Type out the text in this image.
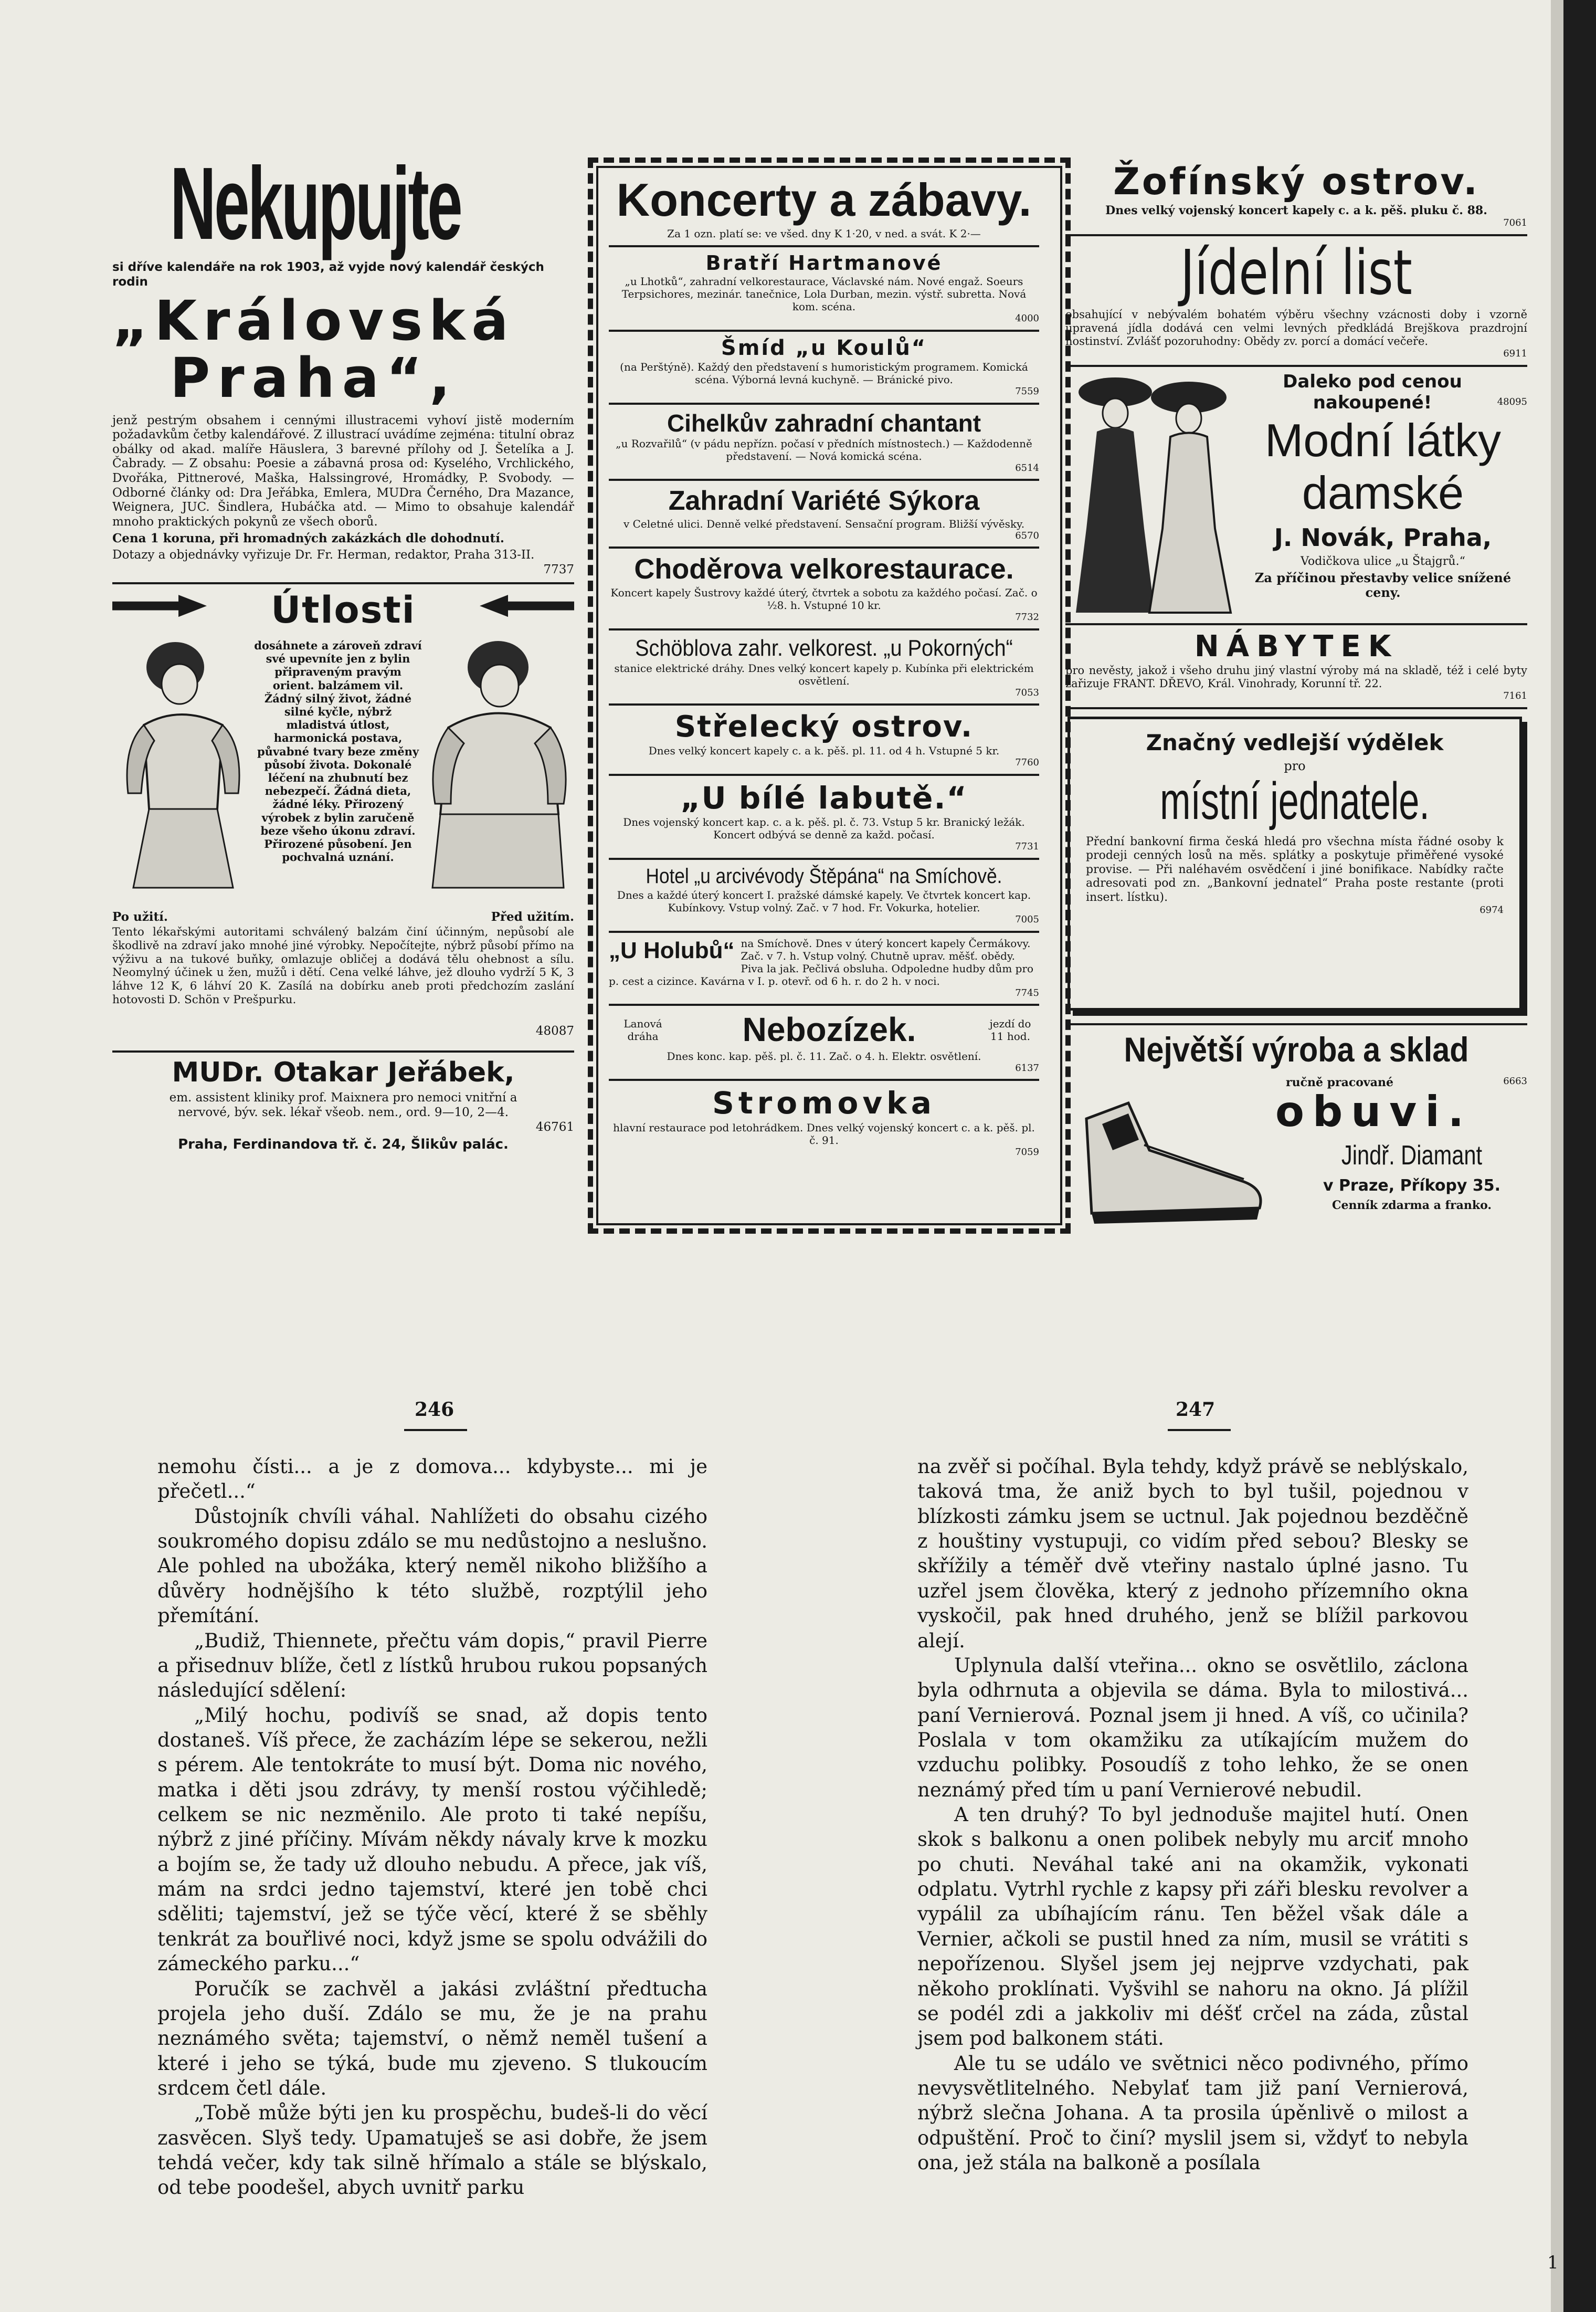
Nekupujte
si dříve kalendáře na rok 1903, až vyjde nový kalendář českých rodin
„Královská
Praha“,

jenž pestrým obsahem i cennými illustracemi vyhoví jistě moderním požadavkům četby kalendářové. Z illustrací uvádíme zejména: titulní obraz obálky od akad. malíře Häuslera, 3 barevné přílohy od J. Šetelíka a J. Čabrady. — Z obsahu: Poesie a zábavná prosa od: Kyselého, Vrchlického, Dvořáka, Pittnerové, Maška, Halssingrové, Hromádky, P. Svobody. — Odborné články od: Dra Jeřábka, Emlera, MUDra Černého, Dra Mazance, Weignera, JUC. Šindlera, Hubáčka atd. — Mimo to obsahuje kalendář mnoho praktických pokynů ze všech oborů.

Cena 1 koruna, při hromadných zakázkách dle dohodnutí.

Dotazy a objednávky vyřizuje Dr. Fr. Herman, redaktor, Praha 313-II.

7737
Útlosti

dosáhnete a zároveň zdraví své upevníte jen z bylin připraveným pravým orient. balzámem vil. Žádný silný život, žádné silné kyčle, nýbrž mladistvá útlost, harmonická postava, půvabné tvary beze změny působí života. Dokonalé léčení na zhubnutí bez nebezpečí. Žádná dieta, žádné léky. Přirozený výrobek z bylin zaručeně beze všeho úkonu zdraví. Přirozené působení. Jen pochvalná uznání.

Po užití.	Před užitím.

Tento lékařskými autoritami schválený balzám činí účinným, nepůsobí ale škodlivě na zdraví jako mnohé jiné výrobky. Nepočítejte, nýbrž působí přímo na výživu a na tukové buňky, omlazuje obličej a dodává tělu ohebnost a sílu. Neomylný účinek u žen, mužů i dětí. Cena velké láhve, jež dlouho vydrží 5 K, 3 láhve 12 K, 6 láhví 20 K. Zasílá na dobírku aneb proti předchozím zaslání hotovosti D. Schön v Prešpurku.

48087
MUDr. Otakar Jeřábek,

em. assistent kliniky prof. Maixnera pro nemoci vnitřní a nervové, býv. sek. lékař všeob. nem., ord. 9—10, 2—4.

46761
Praha, Ferdinandova tř. č. 24, Šlikův palác.
Koncerty a zábavy.
Za 1 ozn. platí se: ve všed. dny K 1·20, v ned. a svát. K 2·—
Bratří Hartmanové

„u Lhotků“, zahradní velkorestaurace, Václavské nám. Nové engaž. Soeurs Terpsichores, mezinár. tanečnice, Lola Durban, mezin. výstř. subretta. Nová kom. scéna.

4000
Šmíd „u Koulů“

(na Perštýně). Každý den představení s humoristickým programem. Komická scéna. Výborná levná kuchyně. — Bránické pivo.

7559
Cihelkův zahradní chantant

„u Rozvařilů“ (v pádu nepřízn. počasí v předních místnostech.) — Každodenně představení. — Nová komická scéna.

6514
Zahradní Variété Sýkora

v Celetné ulici. Denně velké představení. Sensační program. Bližší vývěsky.

6570
Choděrova velkorestaurace.

Koncert kapely Šustrovy každé úterý, čtvrtek a sobotu za každého počasí. Zač. o ½8. h. Vstupné 10 kr.

7732
Schöblova zahr. velkorest. „u Pokorných“

stanice elektrické dráhy. Dnes velký koncert kapely p. Kubínka při elektrickém osvětlení.

7053
Střelecký ostrov.

Dnes velký koncert kapely c. a k. pěš. pl. 11. od 4 h. Vstupné 5 kr.

7760
„U bílé labutě.“

Dnes vojenský koncert kap. c. a k. pěš. pl. č. 73. Vstup 5 kr. Branický ležák. Koncert odbývá se denně za každ. počasí.

7731
Hotel „u arcivévody Štěpána“ na Smíchově.

Dnes a každé úterý koncert I. pražské dámské kapely. Ve čtvrtek koncert kap. Kubínkovy. Vstup volný. Zač. v 7 hod. Fr. Vokurka, hotelier.

7005
„U Holubů“ na Smíchově. Dnes v úterý koncert kapely Čermákovy. Zač. v 7. h. Vstup volný. Chutně uprav. měšť. obědy. Piva la jak. Pečlivá obsluha. Odpoledne hudby dům pro p. cest a cizince. Kavárna v I. p. otevř. od 6 h. r. do 2 h. v noci.

7745
Lanová dráha	Nebozízek.	jezdí do 11 hod.

Dnes konc. kap. pěš. pl. č. 11. Zač. o 4. h. Elektr. osvětlení.

6137
Stromovka

hlavní restaurace pod letohrádkem. Dnes velký vojenský koncert c. a k. pěš. pl. č. 91.

7059
Žofínský ostrov.

Dnes velký vojenský koncert kapely c. a k. pěš. pluku č. 88.

7061
Jídelní list

obsahující v nebývalém bohatém výběru všechny vzácnosti doby i vzorně upravená jídla dodává cen velmi levných předkládá Brejškova prazdrojní hostinství. Zvlášť pozoruhodny: Obědy zv. porcí a domácí večeře.

6911
Daleko pod cenou nakoupené!	48095
Modní látky
damské
J. Novák, Praha,
Vodičkova ulice „u Štajgrů.“
Za příčinou přestavby velice snížené ceny.
NÁBYTEK

pro nevěsty, jakož i všeho druhu jiný vlastní výroby má na skladě, též i celé byty zařizuje FRANT. DŘEVO, Král. Vinohrady, Korunní tř. 22.

7161
Značný vedlejší výdělek
pro
místní jednatele.

Přední bankovní firma česká hledá pro všechna místa řádné osoby k prodeji cenných losů na měs. splátky a poskytuje přiměřené vysoké provise. — Při naléhavém osvědčení i jiné bonifikace. Nabídky račte adresovati pod zn. „Bankovní jednatel“ Praha poste restante (proti insert. lístku).

6974
Největší výroba a sklad
ručně pracované	6663
obuvi.
Jindř. Diamant
v Praze, Příkopy 35.
Cenník zdarma a franko.
246	247

nemohu čísti... a je z domova... kdybyste... mi je přečetl...“

Důstojník chvíli váhal. Nahlížeti do obsahu cizého soukromého dopisu zdálo se mu nedůstojno a neslušno. Ale pohled na ubožáka, který neměl nikoho bližšího a důvěry hodnějšího k této službě, rozptýlil jeho přemítání.

„Budiž, Thiennete, přečtu vám dopis,“ pravil Pierre a přisednuv blíže, četl z lístků hrubou rukou popsaných následující sdělení:

„Milý hochu, podivíš se snad, až dopis tento dostaneš. Víš přece, že zacházím lépe se sekerou, nežli s pérem. Ale tentokráte to musí být. Doma nic nového, matka i děti jsou zdrávy, ty menší rostou výčihledě; celkem se nic nezměnilo. Ale proto ti také nepíšu, nýbrž z jiné příčiny. Mívám někdy návaly krve k mozku a bojím se, že tady už dlouho nebudu. A přece, jak víš, mám na srdci jedno tajemství, které jen tobě chci sděliti; tajemství, jež se týče věcí, které ž se sběhly tenkrát za bouřlivé noci, když jsme se spolu odvážili do zámeckého parku...“

Poručík se zachvěl a jakási zvláštní předtucha projela jeho duší. Zdálo se mu, že je na prahu neznámého světa; tajemství, o němž neměl tušení a které i jeho se týká, bude mu zjeveno. S tlukoucím srdcem četl dále.

„Tobě může býti jen ku prospěchu, budeš-li do věcí zasvěcen. Slyš tedy. Upamatuješ se asi dobře, že jsem tehdá večer, kdy tak silně hřímalo a stále se blýskalo, od tebe poodešel, abych uvnitř parku

na zvěř si počíhal. Byla tehdy, když právě se neblýskalo, taková tma, že aniž bych to byl tušil, pojednou v blízkosti zámku jsem se uctnul. Jak pojednou bezděčně z houštiny vystupuji, co vidím před sebou? Blesky se skřížily a téměř dvě vteřiny nastalo úplné jasno. Tu uzřel jsem člověka, který z jednoho přízemního okna vyskočil, pak hned druhého, jenž se blížil parkovou alejí.

Uplynula další vteřina... okno se osvětlilo, záclona byla odhrnuta a objevila se dáma. Byla to milostivá... paní Vernierová. Poznal jsem ji hned. A víš, co učinila? Poslala v tom okamžiku za utíkajícím mužem do vzduchu polibky. Posoudíš z toho lehko, že se onen neznámý před tím u paní Vernierové nebudil.

A ten druhý? To byl jednoduše majitel hutí. Onen skok s balkonu a onen polibek nebyly mu arciť mnoho po chuti. Neváhal také ani na okamžik, vykonati odplatu. Vytrhl rychle z kapsy při záři blesku revolver a vypálil za ubíhajícím ránu. Ten běžel však dále a Vernier, ačkoli se pustil hned za ním, musil se vrátiti s nepořízenou. Slyšel jsem jej nejprve vzdychati, pak někoho proklínati. Vyšvihl se nahoru na okno. Já plížil se podél zdi a jakkoliv mi déšť crčel na záda, zůstal jsem pod balkonem státi.

Ale tu se událo ve světnici něco podivného, přímo nevysvětlitelného. Nebylať tam již paní Vernierová, nýbrž slečna Johana. A ta prosila úpěnlivě o milost a odpuštění. Proč to činí? myslil jsem si, vždyť to nebyla ona, jež stála na balkoně a posílala

1
